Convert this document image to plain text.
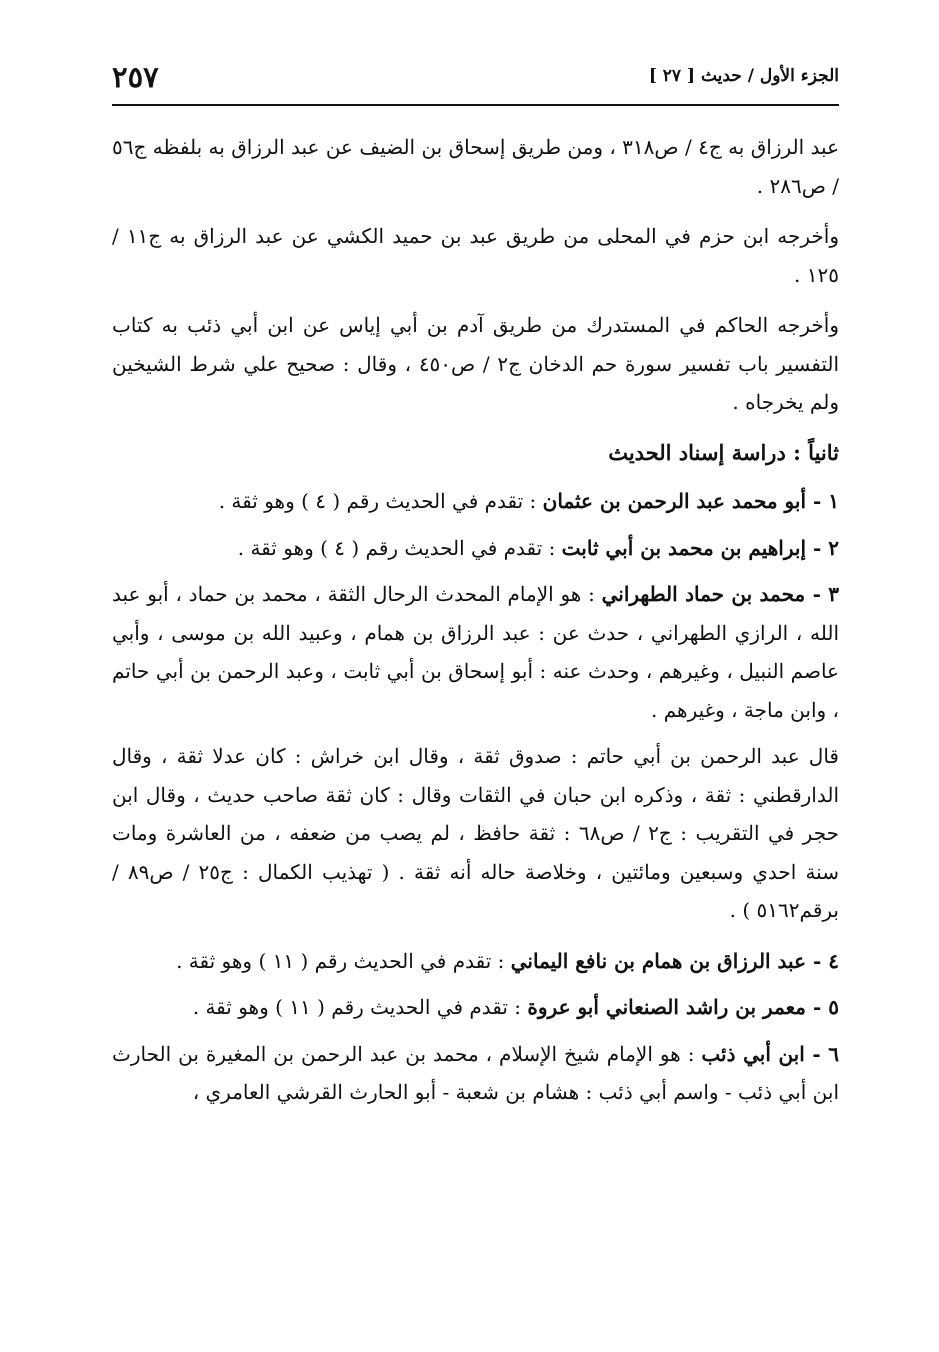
٢٥٧	الجزء الأول / حديث [ ٢٧ ]

عبد الرزاق به ج٤ / ص٣١٨ ، ومن طريق إسحاق بن الضيف عن عبد الرزاق به بلفظه ج٥٦ / ص٢٨٦ .

وأخرجه ابن حزم في المحلى من طريق عبد بن حميد الكشي عن عبد الرزاق به ج١١ / ١٢٥ .

وأخرجه الحاكم في المستدرك من طريق آدم بن أبي إياس عن ابن أبي ذئب به كتاب التفسير باب تفسير سورة حم الدخان ج٢ / ص٤٥٠ ، وقال : صحيح علي شرط الشيخين ولم يخرجاه .

ثانياً : دراسة إسناد الحديث

١ - أبو محمد عبد الرحمن بن عثمان : تقدم في الحديث رقم ( ٤ ) وهو ثقة .

٢ - إبراهيم بن محمد بن أبي ثابت : تقدم في الحديث رقم ( ٤ ) وهو ثقة .

٣ - محمد بن حماد الطهراني : هو الإمام المحدث الرحال الثقة ، محمد بن حماد ، أبو عبد الله ، الرازي الطهراني ، حدث عن : عبد الرزاق بن همام ، وعبيد الله بن موسى ، وأبي عاصم النبيل ، وغيرهم ، وحدث عنه : أبو إسحاق بن أبي ثابت ، وعبد الرحمن بن أبي حاتم ، وابن ماجة ، وغيرهم .

قال عبد الرحمن بن أبي حاتم : صدوق ثقة ، وقال ابن خراش : كان عدلا ثقة ، وقال الدارقطني : ثقة ، وذكره ابن حبان في الثقات وقال : كان ثقة صاحب حديث ، وقال ابن حجر في التقريب : ج٢ / ص٦٨ : ثقة حافظ ، لم يصب من ضعفه ، من العاشرة ومات سنة احدي وسبعين ومائتين ، وخلاصة حاله أنه ثقة . ( تهذيب الكمال : ج٢٥ / ص٨٩ / برقم٥١٦٢ ) .

٤ - عبد الرزاق بن همام بن نافع اليماني : تقدم في الحديث رقم ( ١١ ) وهو ثقة .

٥ - معمر بن راشد الصنعاني أبو عروة : تقدم في الحديث رقم ( ١١ ) وهو ثقة .

٦ - ابن أبي ذئب : هو الإمام شيخ الإسلام ، محمد بن عبد الرحمن بن المغيرة بن الحارث ابن أبي ذئب - واسم أبي ذئب : هشام بن شعبة - أبو الحارث القرشي العامري ،
